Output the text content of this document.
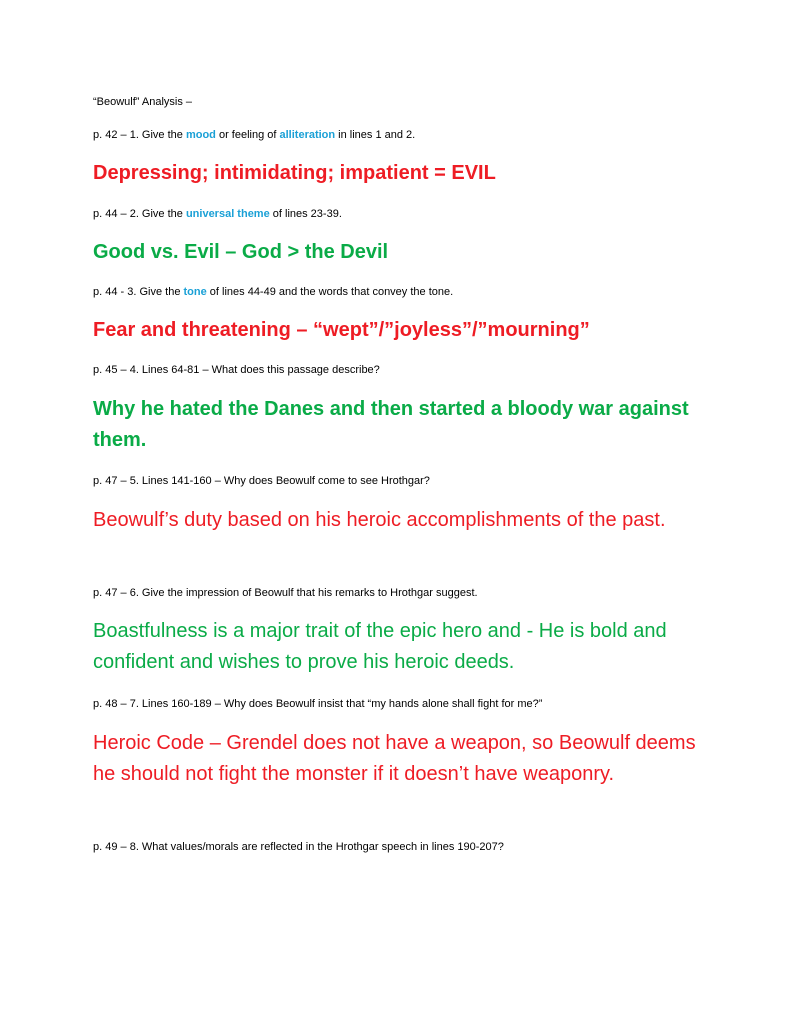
“Beowulf” Analysis –
p. 42 – 1. Give the mood or feeling of alliteration in lines 1 and 2.
Depressing; intimidating; impatient = EVIL
p. 44 – 2. Give the universal theme of lines 23-39.
Good vs. Evil – God > the Devil
p. 44 - 3. Give the tone of lines 44-49 and the words that convey the tone.
Fear and threatening – “wept”/”joyless”/”mourning”
p. 45 – 4. Lines 64-81 – What does this passage describe?
Why he hated the Danes and then started a bloody war against them.
p. 47 – 5. Lines 141-160 – Why does Beowulf come to see Hrothgar?
Beowulf’s duty based on his heroic accomplishments of the past.
p. 47 – 6. Give the impression of Beowulf that his remarks to Hrothgar suggest.
Boastfulness is a major trait of the epic hero and - He is bold and confident and wishes to prove his heroic deeds.
p. 48 – 7. Lines 160-189 – Why does Beowulf insist that “my hands alone shall fight for me?”
Heroic Code – Grendel does not have a weapon, so Beowulf deems he should not fight the monster if it doesn’t have weaponry.
p. 49 – 8. What values/morals are reflected in the Hrothgar speech in lines 190-207?
